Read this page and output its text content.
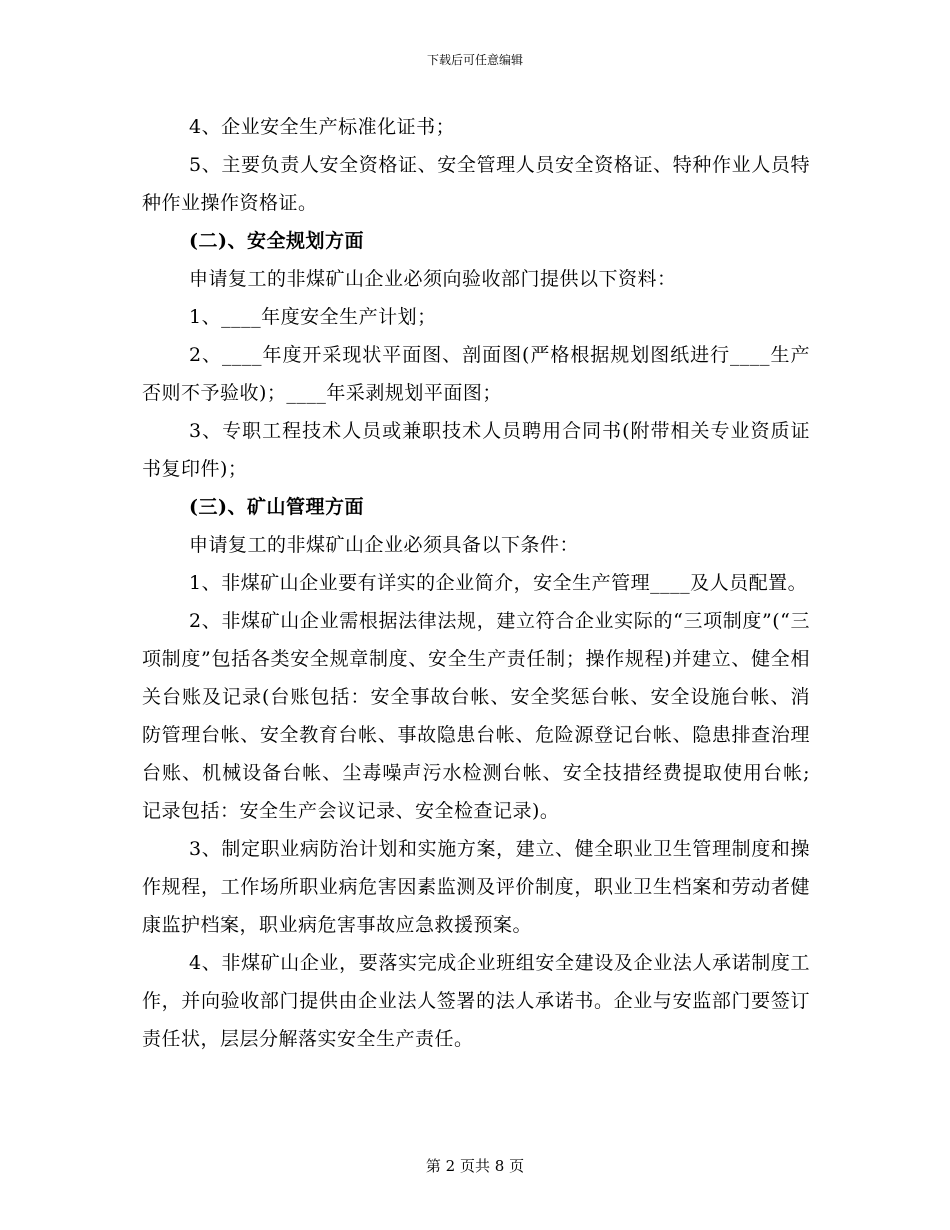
下载后可任意编辑

4、企业安全生产标准化证书；

5、主要负责人安全资格证、安全管理人员安全资格证、特种作业人员特种作业操作资格证。

(二)、安全规划方面

申请复工的非煤矿山企业必须向验收部门提供以下资料：

1、____年度安全生产计划；

2、____年度开采现状平面图、剖面图(严格根据规划图纸进行____生产否则不予验收)；____年采剥规划平面图；

3、专职工程技术人员或兼职技术人员聘用合同书(附带相关专业资质证书复印件)；

(三)、矿山管理方面

申请复工的非煤矿山企业必须具备以下条件：

1、非煤矿山企业要有详实的企业简介，安全生产管理____及人员配置。

2、非煤矿山企业需根据法律法规，建立符合企业实际的“三项制度”(“三项制度”包括各类安全规章制度、安全生产责任制；操作规程)并建立、健全相关台账及记录(台账包括：安全事故台帐、安全奖惩台帐、安全设施台帐、消防管理台帐、安全教育台帐、事故隐患台帐、危险源登记台帐、隐患排查治理台账、机械设备台帐、尘毒噪声污水检测台帐、安全技措经费提取使用台帐;记录包括：安全生产会议记录、安全检查记录)。

3、制定职业病防治计划和实施方案，建立、健全职业卫生管理制度和操作规程，工作场所职业病危害因素监测及评价制度，职业卫生档案和劳动者健康监护档案，职业病危害事故应急救援预案。

4、非煤矿山企业，要落实完成企业班组安全建设及企业法人承诺制度工作，并向验收部门提供由企业法人签署的法人承诺书。企业与安监部门要签订责任状，层层分解落实安全生产责任。

第 2 页共 8 页
